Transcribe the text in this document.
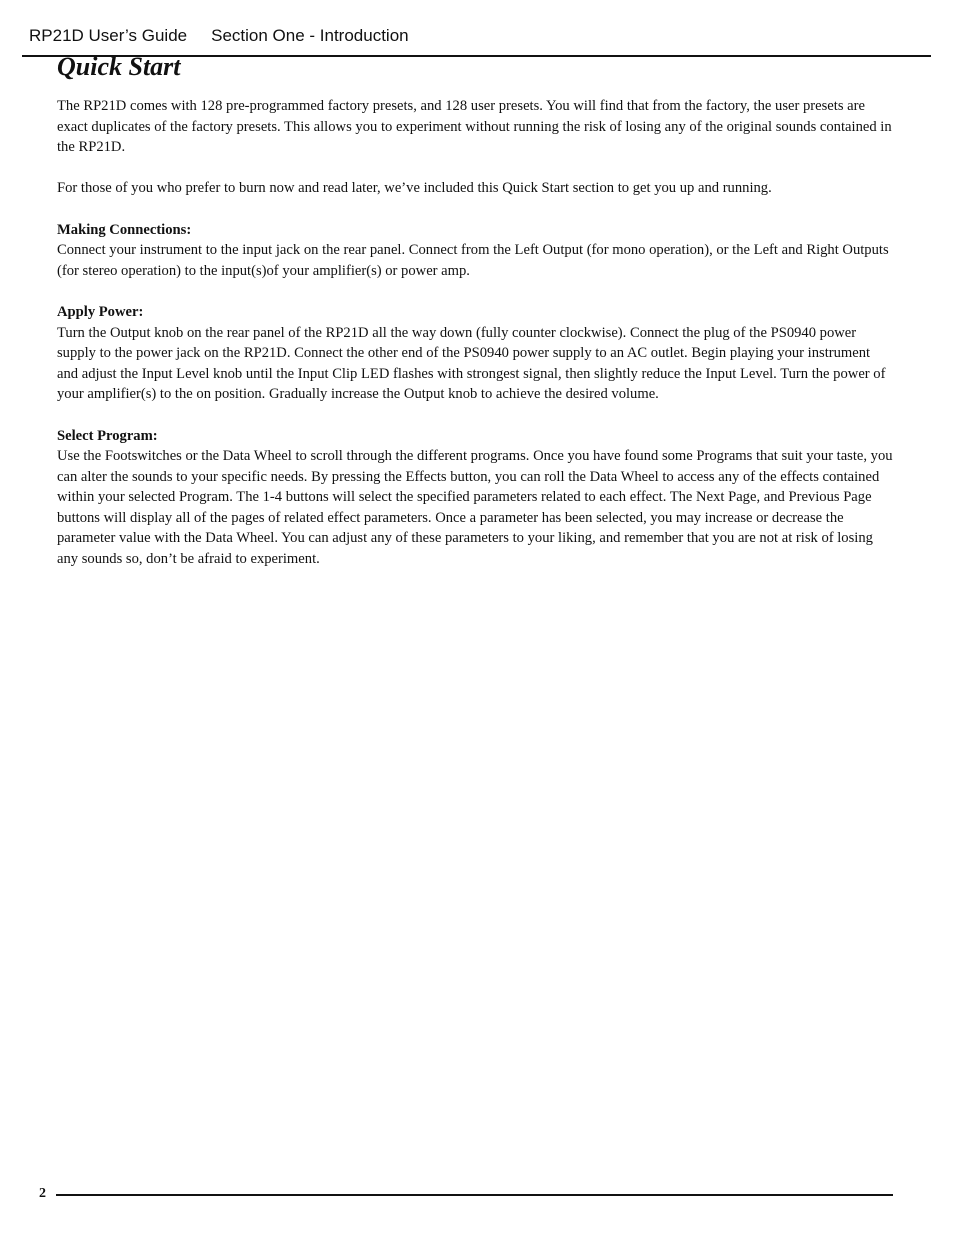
RP21D User’s Guide Section One - Introduction
Quick Start

The RP21D comes with 128 pre-programmed factory presets, and 128 user presets. You will find that from the factory, the user presets are exact duplicates of the factory presets. This allows you to experiment without running the risk of losing any of the original sounds contained in the RP21D.

For those of you who prefer to burn now and read later, we’ve included this Quick Start section to get you up and running.

Making Connections:

Connect your instrument to the input jack on the rear panel. Connect from the Left Output (for mono operation), or the Left and Right Outputs (for stereo operation) to the input(s)of your amplifier(s) or power amp.

Apply Power:

Turn the Output knob on the rear panel of the RP21D all the way down (fully counter clockwise). Connect the plug of the PS0940 power supply to the power jack on the RP21D. Connect the other end of the PS0940 power supply to an AC outlet. Begin playing your instrument and adjust the Input Level knob until the Input Clip LED flashes with strongest signal, then slightly reduce the Input Level. Turn the power of your amplifier(s) to the on position. Gradually increase the Output knob to achieve the desired volume.

Select Program:

Use the Footswitches or the Data Wheel to scroll through the different programs. Once you have found some Programs that suit your taste, you can alter the sounds to your specific needs. By pressing the Effects button, you can roll the Data Wheel to access any of the effects contained within your selected Program. The 1-4 buttons will select the specified parameters related to each effect. The Next Page, and Previous Page buttons will display all of the pages of related effect parameters. Once a parameter has been selected, you may increase or decrease the parameter value with the Data Wheel. You can adjust any of these parameters to your liking, and remember that you are not at risk of losing any sounds so, don’t be afraid to experiment.

2
